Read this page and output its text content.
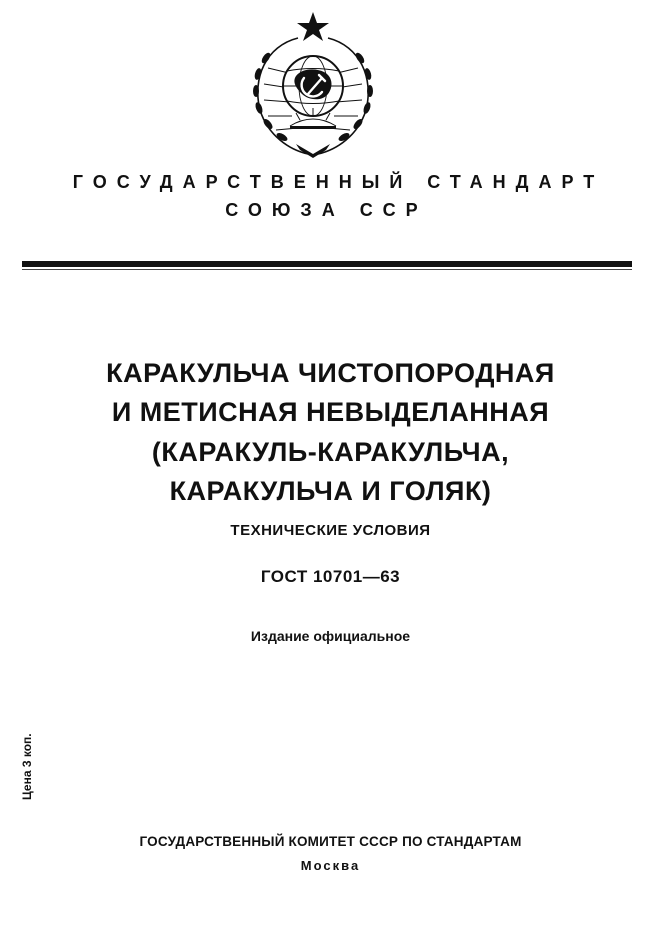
ГОСУДАРСТВЕННЫЙ СТАНДАРТ
СОЮЗА ССР
КАРАКУЛЬЧА ЧИСТОПОРОДНАЯ
И МЕТИСНАЯ НЕВЫДЕЛАННАЯ
(КАРАКУЛЬ-КАРАКУЛЬЧА,
КАРАКУЛЬЧА И ГОЛЯК)
ТЕХНИЧЕСКИЕ УСЛОВИЯ
ГОСТ 10701—63
Издание официальное
Цена 3 коп.
ГОСУДАРСТВЕННЫЙ КОМИТЕТ СССР ПО СТАНДАРТАМ
Москва
